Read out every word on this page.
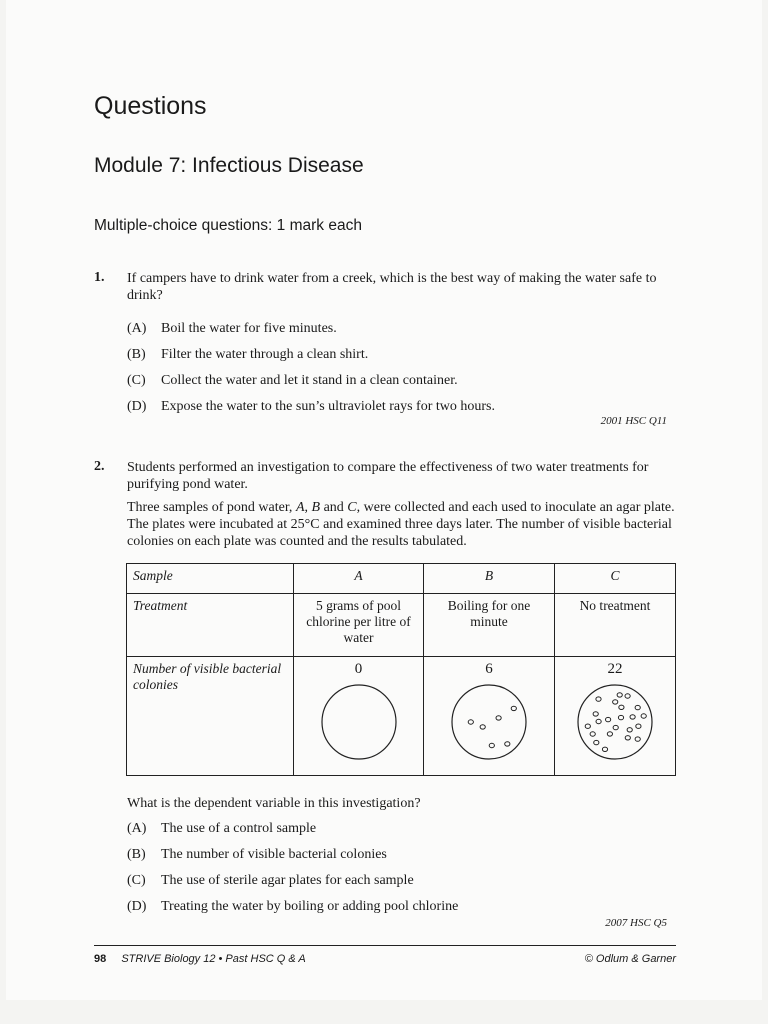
Questions
Module 7: Infectious Disease
Multiple-choice questions: 1 mark each
1. If campers have to drink water from a creek, which is the best way of making the water safe to drink?
(A) Boil the water for five minutes.
(B) Filter the water through a clean shirt.
(C) Collect the water and let it stand in a clean container.
(D) Expose the water to the sun’s ultraviolet rays for two hours.
2001 HSC Q11
2. Students performed an investigation to compare the effectiveness of two water treatments for purifying pond water.
Three samples of pond water, A, B and C, were collected and each used to inoculate an agar plate. The plates were incubated at 25°C and examined three days later. The number of visible bacterial colonies on each plate was counted and the results tabulated.
Sample	A	B	C
Treatment	5 grams of pool chlorine per litre of water	Boiling for one minute	No treatment
Number of visible bacterial colonies	0	6	22
What is the dependent variable in this investigation?
(A) The use of a control sample
(B) The number of visible bacterial colonies
(C) The use of sterile agar plates for each sample
(D) Treating the water by boiling or adding pool chlorine
2007 HSC Q5
98 STRIVE Biology 12 • Past HSC Q & A	© Odlum & Garner
